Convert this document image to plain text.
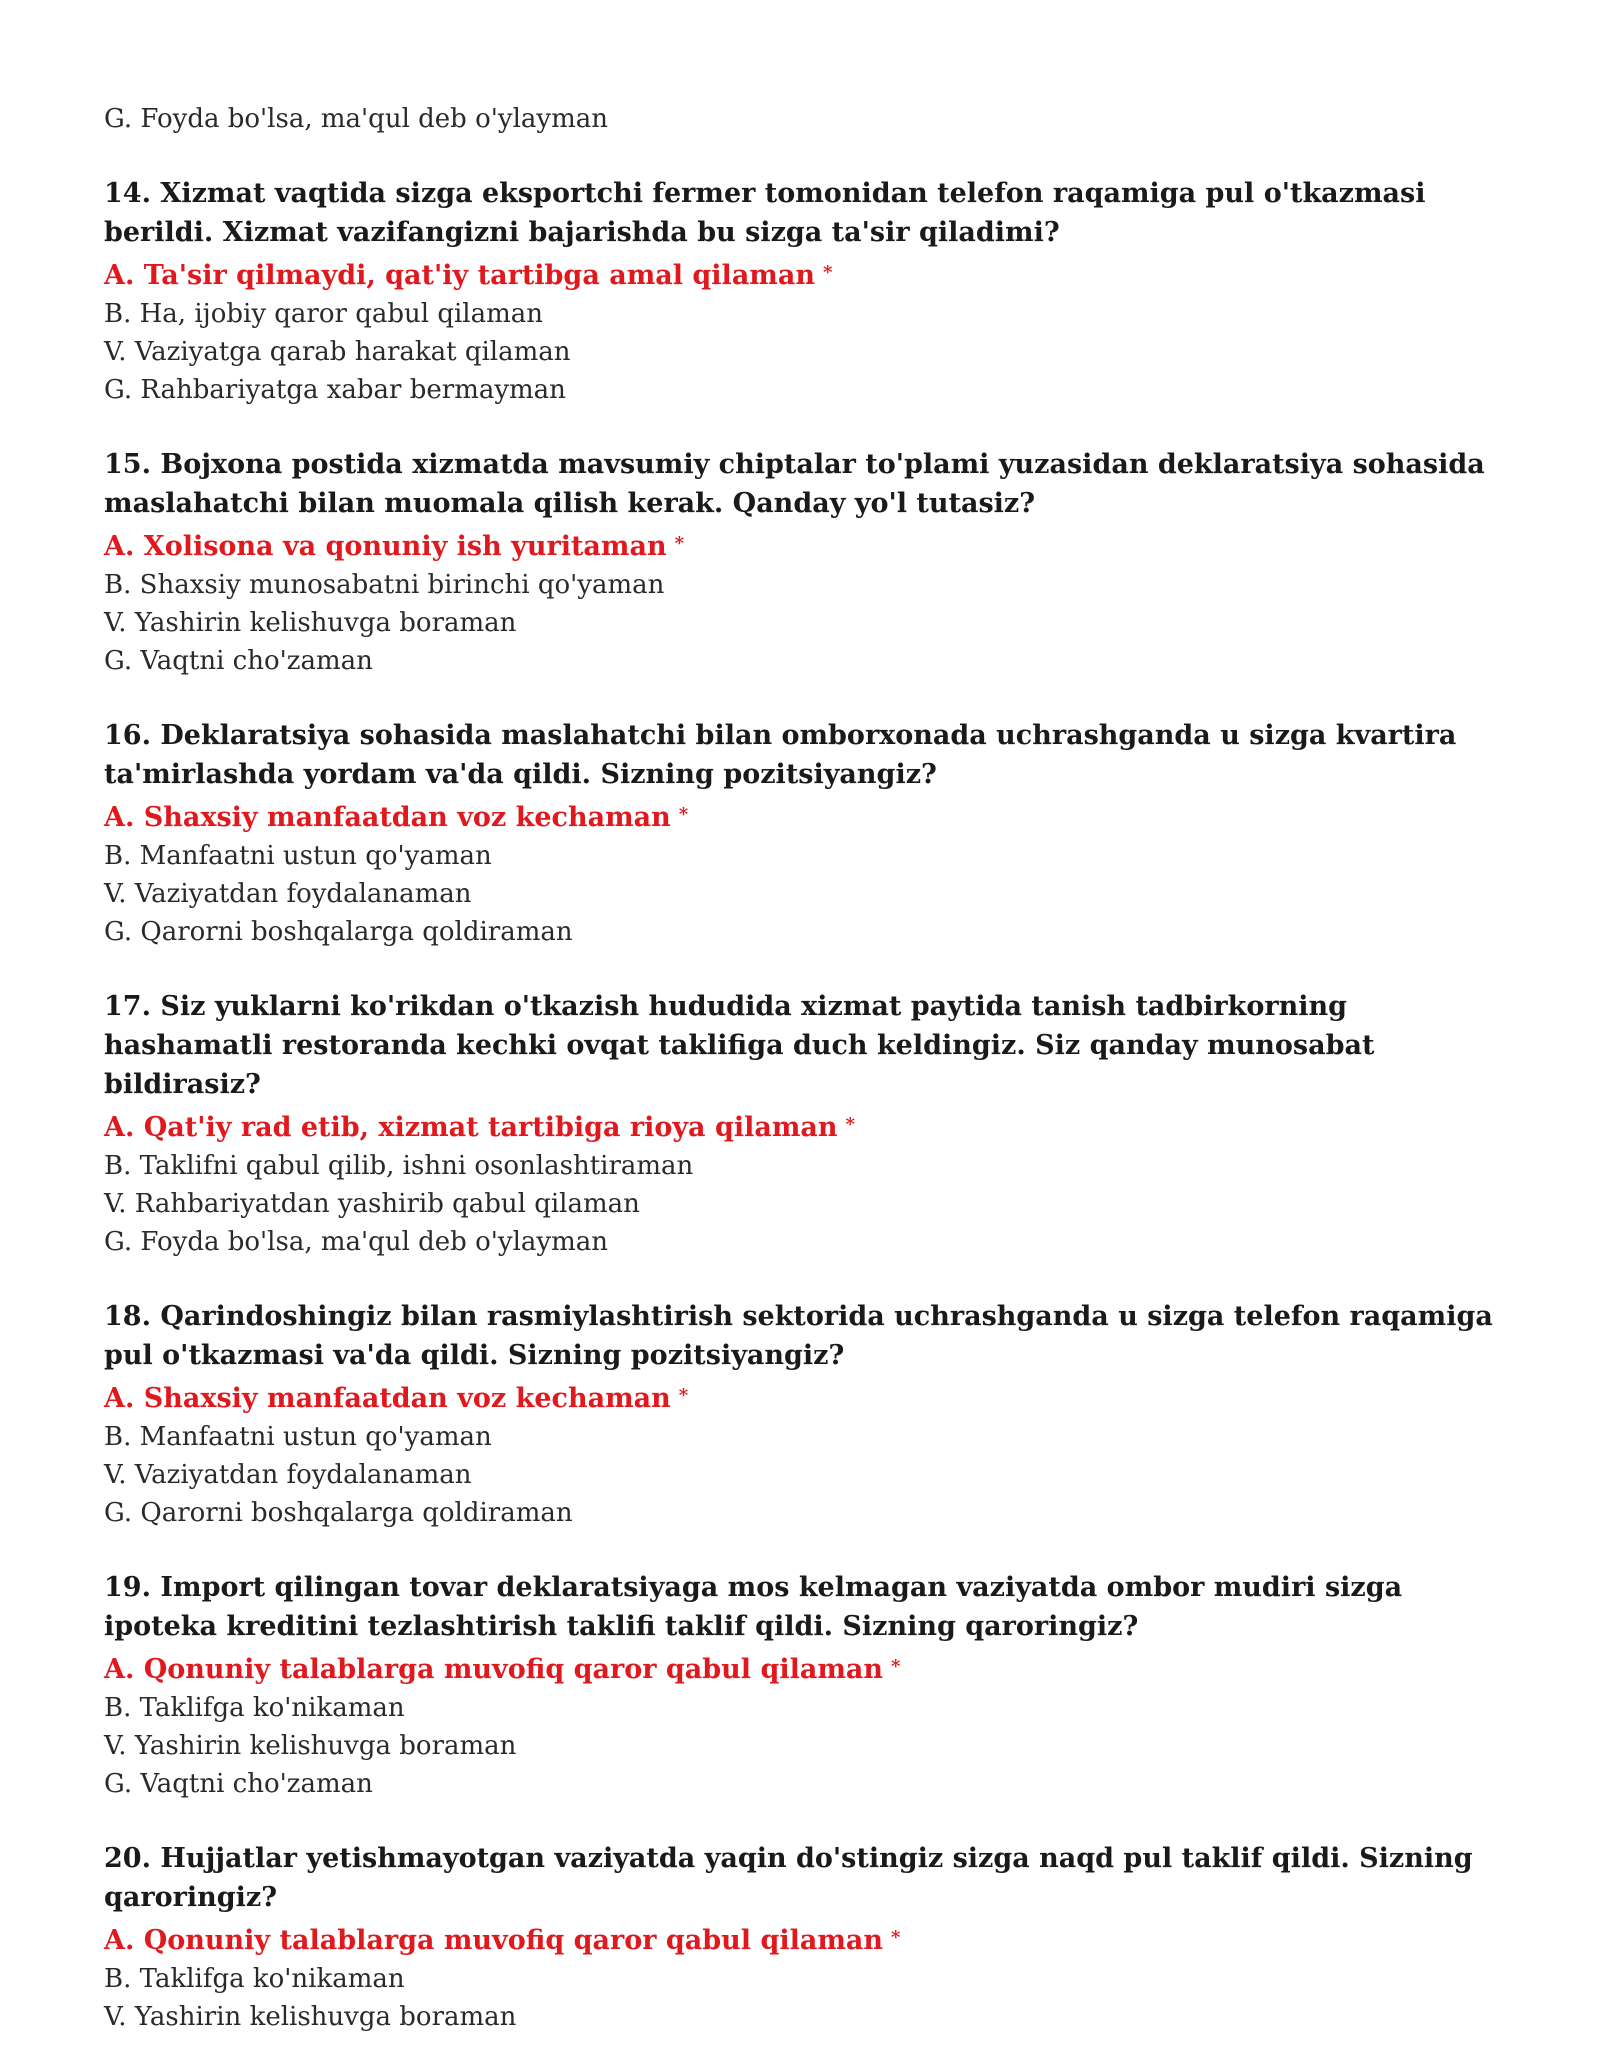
G. Foyda bo'lsa, ma'qul deb o'ylayman

14. Xizmat vaqtida sizga eksportchi fermer tomonidan telefon raqamiga pul o'tkazmasi berildi. Xizmat vazifangizni bajarishda bu sizga ta'sir qiladimi?

A. Ta'sir qilmaydi, qat'iy tartibga amal qilaman *

B. Ha, ijobiy qaror qabul qilaman

V. Vaziyatga qarab harakat qilaman

G. Rahbariyatga xabar bermayman

15. Bojxona postida xizmatda mavsumiy chiptalar to'plami yuzasidan deklaratsiya sohasida maslahatchi bilan muomala qilish kerak. Qanday yo'l tutasiz?

A. Xolisona va qonuniy ish yuritaman *

B. Shaxsiy munosabatni birinchi qo'yaman

V. Yashirin kelishuvga boraman

G. Vaqtni cho'zaman

16. Deklaratsiya sohasida maslahatchi bilan omborxonada uchrashganda u sizga kvartira ta'mirlashda yordam va'da qildi. Sizning pozitsiyangiz?

A. Shaxsiy manfaatdan voz kechaman *

B. Manfaatni ustun qo'yaman

V. Vaziyatdan foydalanaman

G. Qarorni boshqalarga qoldiraman

17. Siz yuklarni ko'rikdan o'tkazish hududida xizmat paytida tanish tadbirkorning hashamatli restoranda kechki ovqat taklifiga duch keldingiz. Siz qanday munosabat bildirasiz?

A. Qat'iy rad etib, xizmat tartibiga rioya qilaman *

B. Taklifni qabul qilib, ishni osonlashtiraman

V. Rahbariyatdan yashirib qabul qilaman

G. Foyda bo'lsa, ma'qul deb o'ylayman

18. Qarindoshingiz bilan rasmiylashtirish sektorida uchrashganda u sizga telefon raqamiga pul o'tkazmasi va'da qildi. Sizning pozitsiyangiz?

A. Shaxsiy manfaatdan voz kechaman *

B. Manfaatni ustun qo'yaman

V. Vaziyatdan foydalanaman

G. Qarorni boshqalarga qoldiraman

19. Import qilingan tovar deklaratsiyaga mos kelmagan vaziyatda ombor mudiri sizga ipoteka kreditini tezlashtirish taklifi taklif qildi. Sizning qaroringiz?

A. Qonuniy talablarga muvofiq qaror qabul qilaman *

B. Taklifga ko'nikaman

V. Yashirin kelishuvga boraman

G. Vaqtni cho'zaman

20. Hujjatlar yetishmayotgan vaziyatda yaqin do'stingiz sizga naqd pul taklif qildi. Sizning qaroringiz?

A. Qonuniy talablarga muvofiq qaror qabul qilaman *

B. Taklifga ko'nikaman

V. Yashirin kelishuvga boraman
